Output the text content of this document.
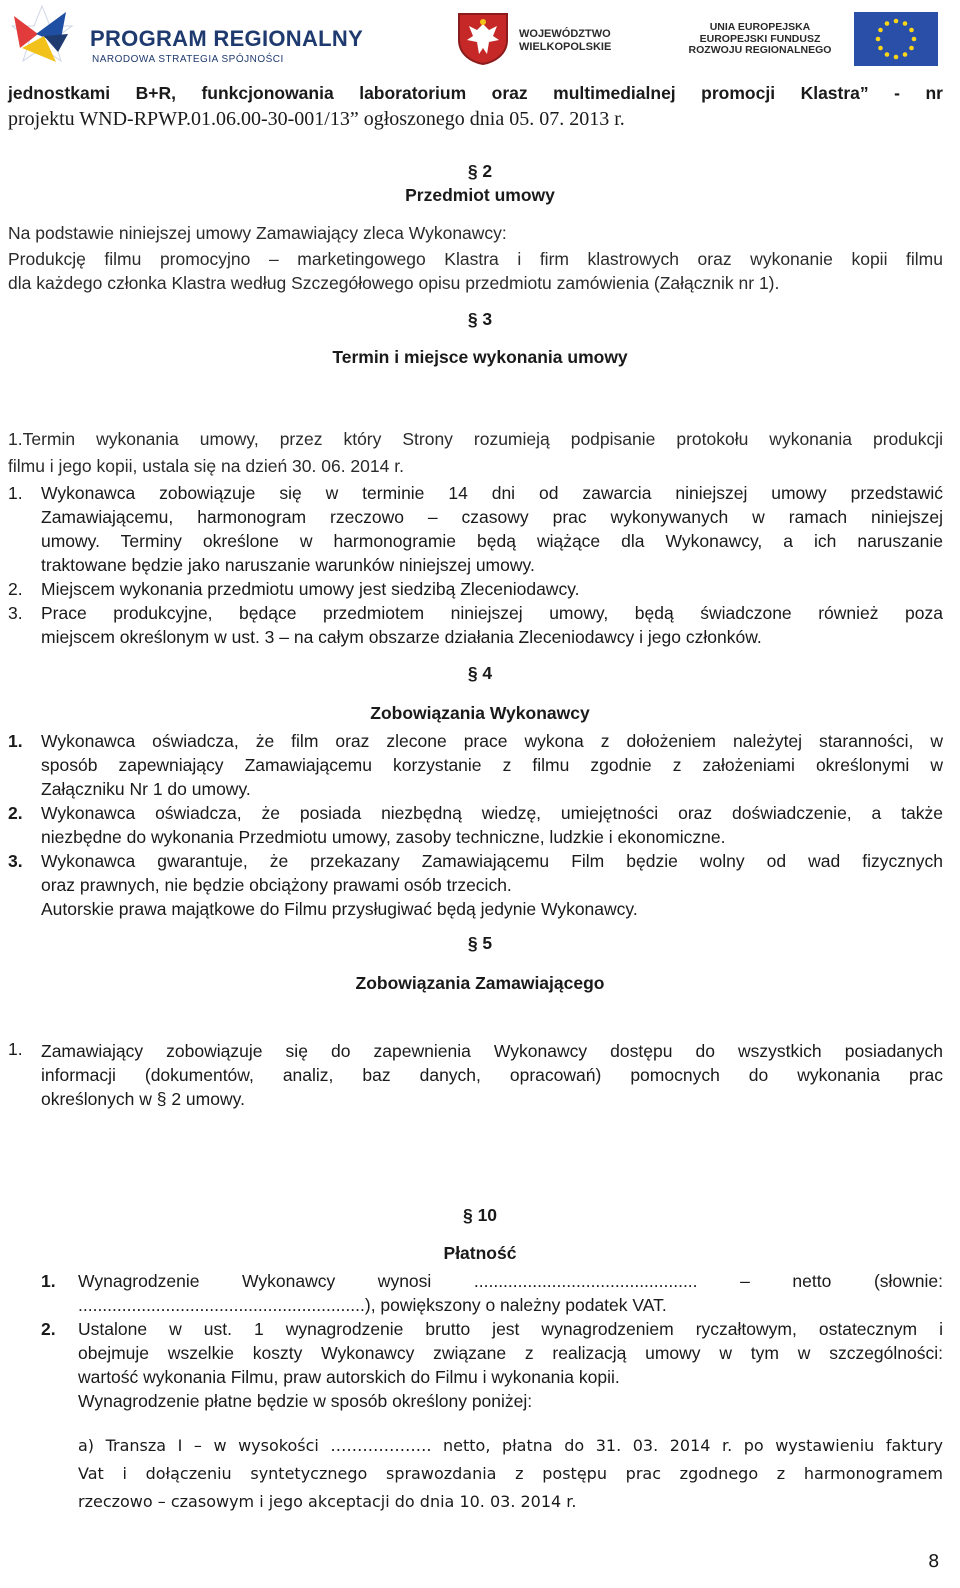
PROGRAM REGIONALNY
NARODOWA STRATEGIA SPÓJNOŚCI
WOJEWÓDZTWO
WIELKOPOLSKIE
UNIA EUROPEJSKA
EUROPEJSKI FUNDUSZ
ROZWOJU REGIONALNEGO
jednostkami B+R, funkcjonowania laboratorium oraz multimedialnej promocji Klastra” - nr
projektu WND-RPWP.01.06.00-30-001/13” ogłoszonego dnia 05. 07. 2013 r.
§ 2
Przedmiot umowy
Na podstawie niniejszej umowy Zamawiający zleca Wykonawcy:
Produkcję filmu promocyjno – marketingowego Klastra i firm klastrowych oraz wykonanie kopii filmu
dla każdego członka Klastra według Szczegółowego opisu przedmiotu zamówienia (Załącznik nr 1).
§ 3
Termin i miejsce wykonania umowy
1.Termin wykonania umowy, przez który Strony rozumieją podpisanie protokołu wykonania produkcji
filmu i jego kopii, ustala się na dzień 30. 06. 2014 r.
1. Wykonawca zobowiązuje się w terminie 14 dni od zawarcia niniejszej umowy przedstawić
Zamawiającemu, harmonogram rzeczowo – czasowy prac wykonywanych w ramach niniejszej
umowy. Terminy określone w harmonogramie będą wiążące dla Wykonawcy, a ich naruszanie
traktowane będzie jako naruszanie warunków niniejszej umowy.
2. Miejscem wykonania przedmiotu umowy jest siedzibą Zleceniodawcy.
3. Prace produkcyjne, będące przedmiotem niniejszej umowy, będą świadczone również poza
miejscem określonym w ust. 3 – na całym obszarze działania Zleceniodawcy i jego członków.
§ 4
Zobowiązania Wykonawcy
1. Wykonawca oświadcza, że film oraz zlecone prace wykona z dołożeniem należytej staranności, w
sposób zapewniający Zamawiającemu korzystanie z filmu zgodnie z założeniami określonymi w
Załączniku Nr 1 do umowy.
2. Wykonawca oświadcza, że posiada niezbędną wiedzę, umiejętności oraz doświadczenie, a także
niezbędne do wykonania Przedmiotu umowy, zasoby techniczne, ludzkie i ekonomiczne.
3. Wykonawca gwarantuje, że przekazany Zamawiającemu Film będzie wolny od wad fizycznych
oraz prawnych, nie będzie obciążony prawami osób trzecich.
Autorskie prawa majątkowe do Filmu przysługiwać będą jedynie Wykonawcy.
§ 5
Zobowiązania Zamawiającego
1. Zamawiający zobowiązuje się do zapewnienia Wykonawcy dostępu do wszystkich posiadanych
informacji (dokumentów, analiz, baz danych, opracowań) pomocnych do wykonania prac
określonych w § 2 umowy.
§ 10
Płatność
1. Wynagrodzenie Wykonawcy wynosi .............................................. – netto (słownie:
...........................................................), powiększony o należny podatek VAT.
2. Ustalone w ust. 1 wynagrodzenie brutto jest wynagrodzeniem ryczałtowym, ostatecznym i
obejmuje wszelkie koszty Wykonawcy związane z realizacją umowy w tym w szczególności:
wartość wykonania Filmu, praw autorskich do Filmu i wykonania kopii.
Wynagrodzenie płatne będzie w sposób określony poniżej:
a) Transza I – w wysokości ………………. netto, płatna do 31. 03. 2014 r. po wystawieniu faktury
Vat i dołączeniu syntetycznego sprawozdania z postępu prac zgodnego z harmonogramem
rzeczowo – czasowym i jego akceptacji do dnia 10. 03. 2014 r.
8
